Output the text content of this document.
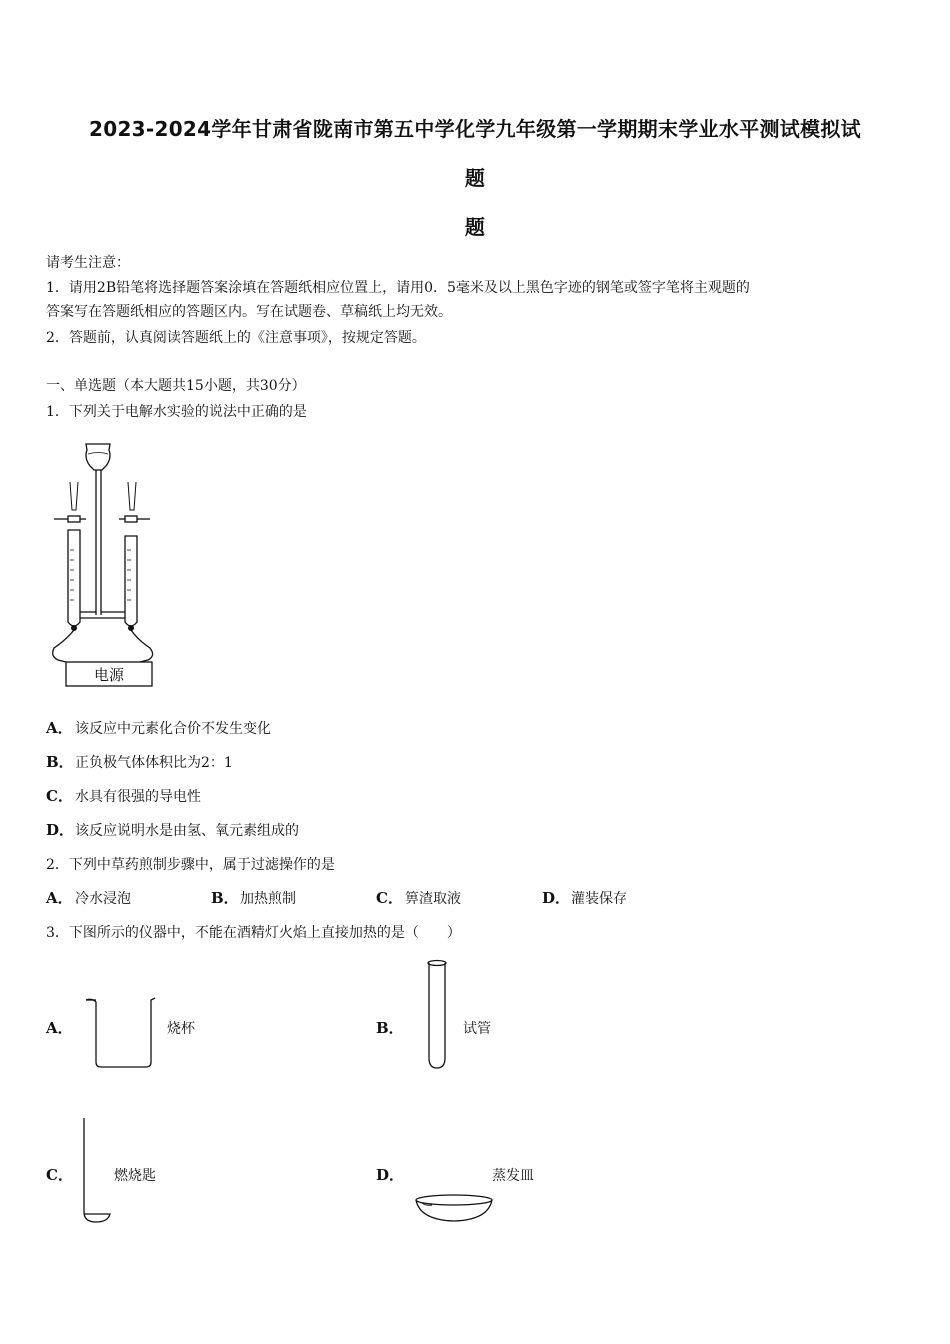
2023-2024学年甘肃省陇南市第五中学化学九年级第一学期期末学业水平测试模拟试
题
题
请考生注意：
1．请用2B铅笔将选择题答案涂填在答题纸相应位置上，请用0．5毫米及以上黑色字迹的钢笔或签字笔将主观题的
答案写在答题纸相应的答题区内。写在试题卷、草稿纸上均无效。
2．答题前，认真阅读答题纸上的《注意事项》，按规定答题。
一、单选题（本大题共15小题，共30分）
1．下列关于电解水实验的说法中正确的是
电源
A． 该反应中元素化合价不发生变化
B． 正负极气体体积比为2：1
C． 水具有很强的导电性
D． 该反应说明水是由氢、氧元素组成的
2．下列中草药煎制步骤中，属于过滤操作的是
A． 冷水浸泡	B． 加热煎制	C． 箅渣取液	D． 灌装保存
3．下图所示的仪器中，不能在酒精灯火焰上直接加热的是（　　）
A．	烧杯	B．	试管
C．	燃烧匙	D．	蒸发皿
